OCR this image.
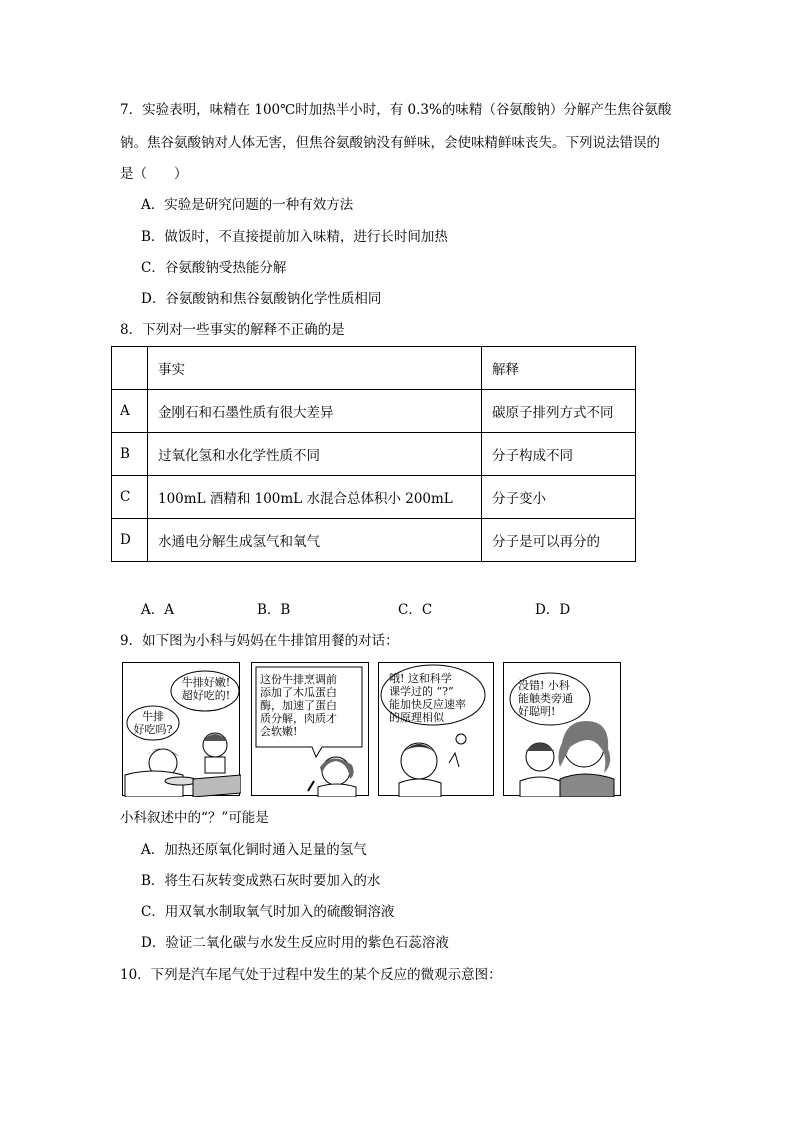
7．实验表明，味精在 100℃时加热半小时，有 0.3%的味精（谷氨酸钠）分解产生焦谷氨酸
钠。焦谷氨酸钠对人体无害，但焦谷氨酸钠没有鲜味，会使味精鲜味丧失。下列说法错误的
是（　　）
A．实验是研究问题的一种有效方法
B．做饭时，不直接提前加入味精，进行长时间加热
C．谷氨酸钠受热能分解
D．谷氨酸钠和焦谷氨酸钠化学性质相同
8．下列对一些事实的解释不正确的是
	事实	解释
A	金刚石和石墨性质有很大差异	碳原子排列方式不同
B	过氧化氢和水化学性质不同	分子构成不同
C	100mL 酒精和 100mL 水混合总体积小 200mL	分子变小
D	水通电分解生成氢气和氧气	分子是可以再分的
A．A	B．B	C．C	D．D
9．如下图为小科与妈妈在牛排馆用餐的对话：
牛排好嫩!
超好吃的!
牛排
好吃吗?
这份牛排烹调前
添加了木瓜蛋白
酶，加速了蛋白
质分解，肉质才
会软嫩!
哦! 这和科学
课学过的 “?”
能加快反应速率
的原理相似
没错! 小科
能触类旁通
好聪明!
小科叙述中的“？”可能是
A．加热还原氧化铜时通入足量的氢气
B．将生石灰转变成熟石灰时要加入的水
C．用双氧水制取氧气时加入的硫酸铜溶液
D．验证二氧化碳与水发生反应时用的紫色石蕊溶液
10．下列是汽车尾气处于过程中发生的某个反应的微观示意图：
